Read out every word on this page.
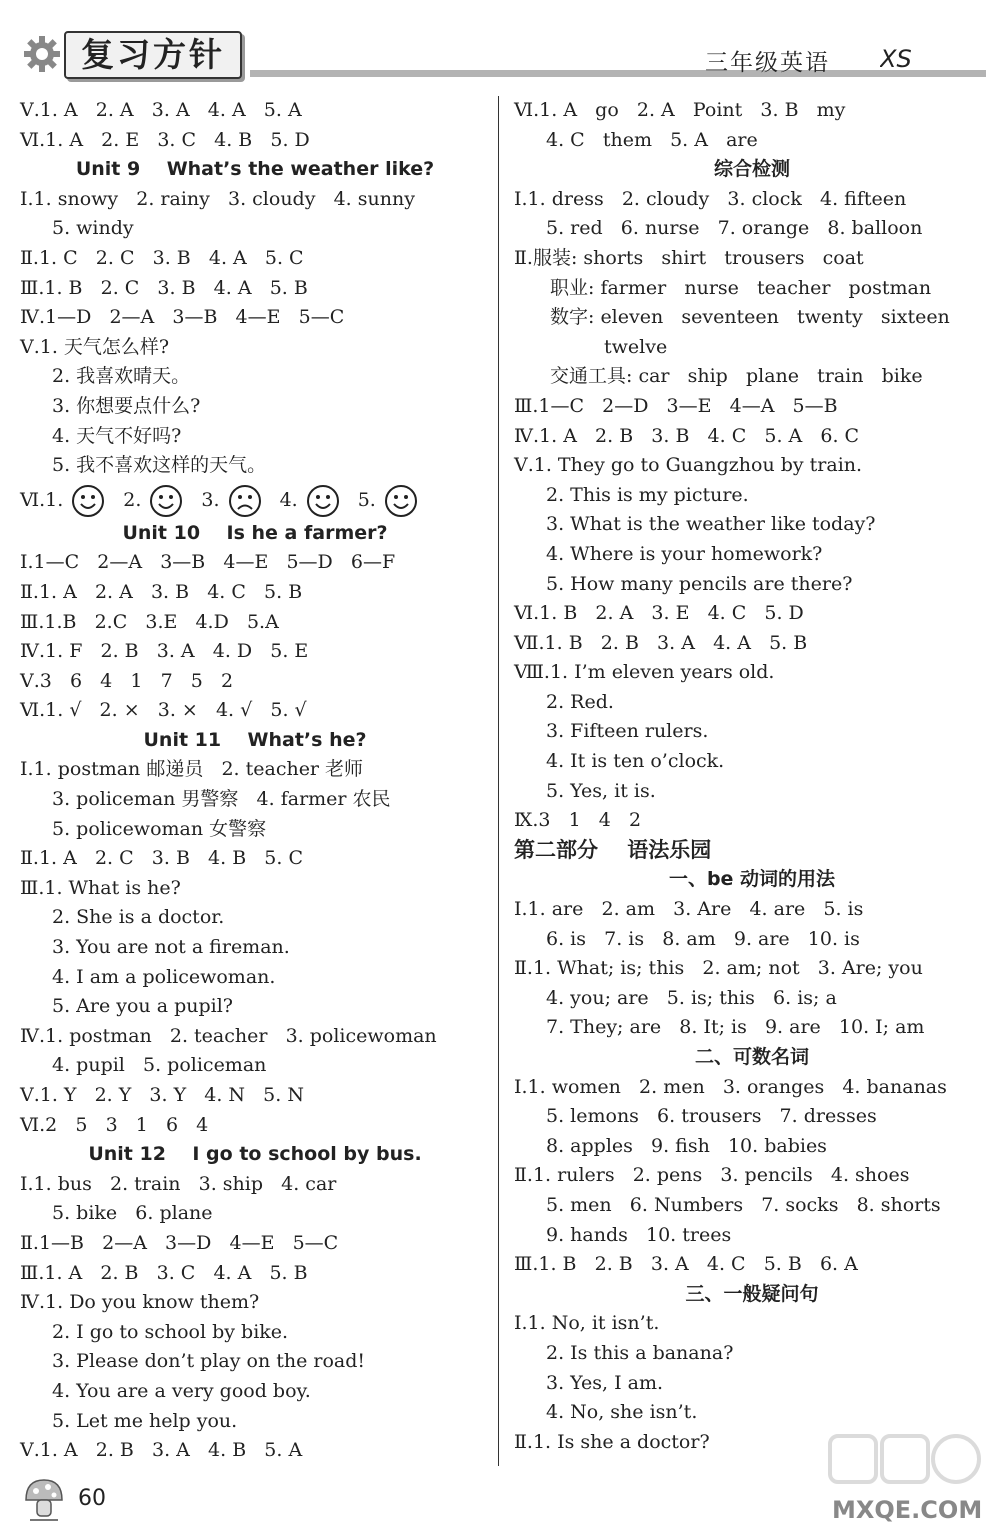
复习方针	三年级英语 XS
Ⅴ.1. A   2. A   3. A   4. A   5. A
Ⅵ.1. A   2. E   3. C   4. B   5. D
Unit 9    What’s the weather like?
Ⅰ.1. snowy   2. rainy   3. cloudy   4. sunny
5. windy
Ⅱ.1. C   2. C   3. B   4. A   5. C
Ⅲ.1. B   2. C   3. B   4. A   5. B
Ⅳ.1—D   2—A   3—B   4—E   5—C
Ⅴ.1. 天气怎么样?
2. 我喜欢晴天。
3. 你想要点什么?
4. 天气不好吗?
5. 我不喜欢这样的天气。
Ⅵ.1.	2.	3.	4.	5.
Unit 10    Is he a farmer?
Ⅰ.1—C   2—A   3—B   4—E   5—D   6—F
Ⅱ.1. A   2. A   3. B   4. C   5. B
Ⅲ.1.B   2.C   3.E   4.D   5.A
Ⅳ.1. F   2. B   3. A   4. D   5. E
Ⅴ.3   6   4   1   7   5   2
Ⅵ.1. √   2. ×   3. ×   4. √   5. √
Unit 11    What’s he?
Ⅰ.1. postman 邮递员   2. teacher 老师
3. policeman 男警察   4. farmer 农民
5. policewoman 女警察
Ⅱ.1. A   2. C   3. B   4. B   5. C
Ⅲ.1. What is he?
2. She is a doctor.
3. You are not a fireman.
4. I am a policewoman.
5. Are you a pupil?
Ⅳ.1. postman   2. teacher   3. policewoman
4. pupil   5. policeman
Ⅴ.1. Y   2. Y   3. Y   4. N   5. N
Ⅵ.2   5   3   1   6   4
Unit 12    I go to school by bus.
Ⅰ.1. bus   2. train   3. ship   4. car
5. bike   6. plane
Ⅱ.1—B   2—A   3—D   4—E   5—C
Ⅲ.1. A   2. B   3. C   4. A   5. B
Ⅳ.1. Do you know them?
2. I go to school by bike.
3. Please don’t play on the road!
4. You are a very good boy.
5. Let me help you.
Ⅴ.1. A   2. B   3. A   4. B   5. A
Ⅵ.1. A   go   2. A   Point   3. B   my
4. C   them   5. A   are
综合检测
Ⅰ.1. dress   2. cloudy   3. clock   4. fifteen
5. red   6. nurse   7. orange   8. balloon
Ⅱ.服装: shorts   shirt   trousers   coat
职业: farmer   nurse   teacher   postman
数字: eleven   seventeen   twenty   sixteen
twelve
交通工具: car   ship   plane   train   bike
Ⅲ.1—C   2—D   3—E   4—A   5—B
Ⅳ.1. A   2. B   3. B   4. C   5. A   6. C
Ⅴ.1. They go to Guangzhou by train.
2. This is my picture.
3. What is the weather like today?
4. Where is your homework?
5. How many pencils are there?
Ⅵ.1. B   2. A   3. E   4. C   5. D
Ⅶ.1. B   2. B   3. A   4. A   5. B
Ⅷ.1. I’m eleven years old.
2. Red.
3. Fifteen rulers.
4. It is ten o’clock.
5. Yes, it is.
Ⅸ.3   1   4   2
第二部分    语法乐园
一、be 动词的用法
Ⅰ.1. are   2. am   3. Are   4. are   5. is
6. is   7. is   8. am   9. are   10. is
Ⅱ.1. What; is; this   2. am; not   3. Are; you
4. you; are   5. is; this   6. is; a
7. They; are   8. It; is   9. are   10. I; am
二、可数名词
Ⅰ.1. women   2. men   3. oranges   4. bananas
5. lemons   6. trousers   7. dresses
8. apples   9. fish   10. babies
Ⅱ.1. rulers   2. pens   3. pencils   4. shoes
5. men   6. Numbers   7. socks   8. shorts
9. hands   10. trees
Ⅲ.1. B   2. B   3. A   4. C   5. B   6. A
三、一般疑问句
Ⅰ.1. No, it isn’t.
2. Is this a banana?
3. Yes, I am.
4. No, she isn’t.
Ⅱ.1. Is she a doctor?
60	MXQE.COM
